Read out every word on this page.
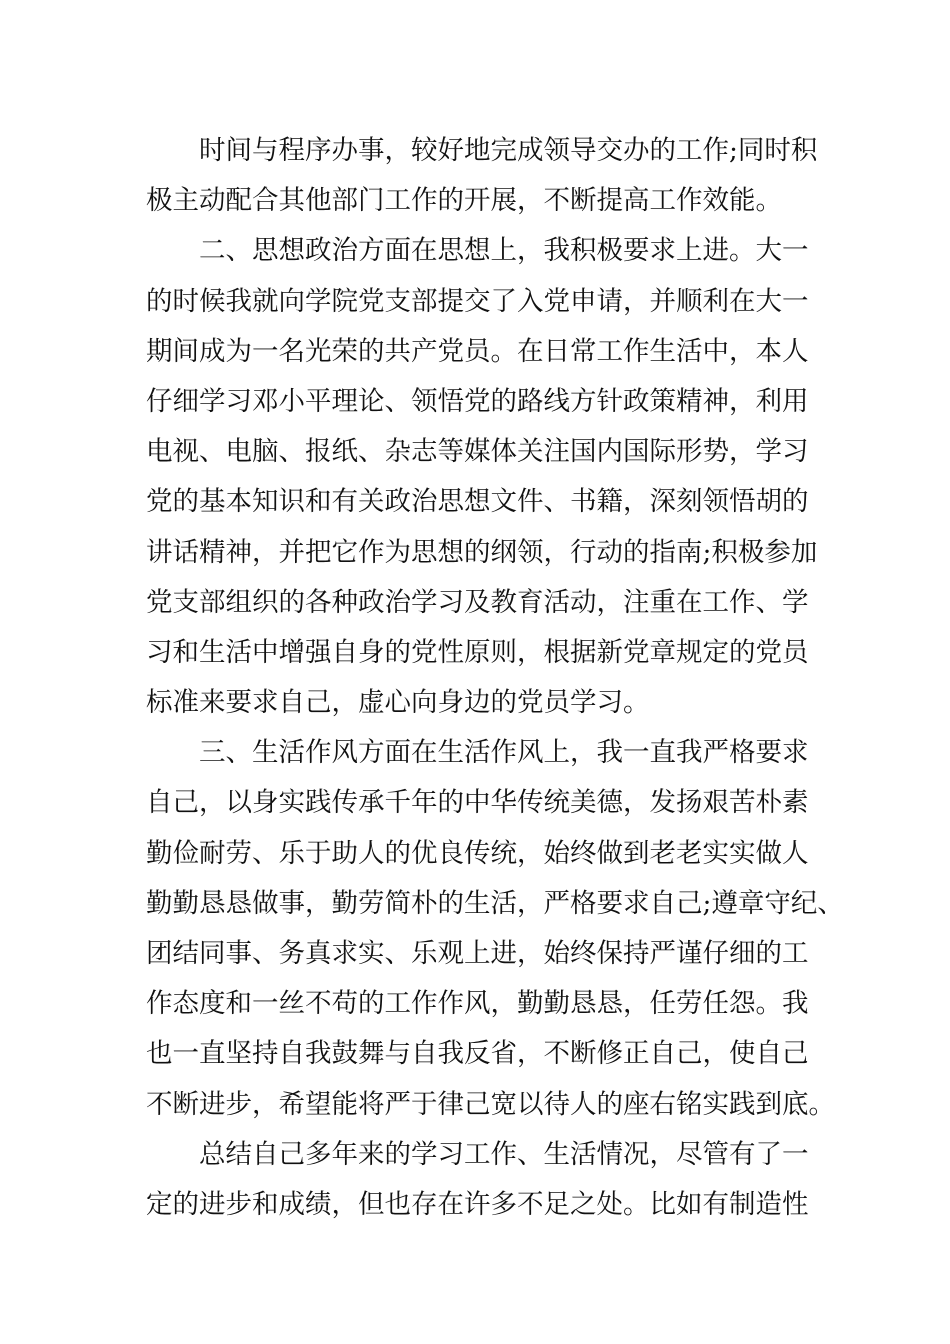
时间与程序办事，较好地完成领导交办的工作;同时积
极主动配合其他部门工作的开展，不断提高工作效能。
二、思想政治方面在思想上，我积极要求上进。大一
的时候我就向学院党支部提交了入党申请，并顺利在大一
期间成为一名光荣的共产党员。在日常工作生活中，本人
仔细学习邓小平理论、领悟党的路线方针政策精神，利用
电视、电脑、报纸、杂志等媒体关注国内国际形势，学习
党的基本知识和有关政治思想文件、书籍，深刻领悟胡的
讲话精神，并把它作为思想的纲领，行动的指南;积极参加
党支部组织的各种政治学习及教育活动，注重在工作、学
习和生活中增强自身的党性原则，根据新党章规定的党员
标准来要求自己，虚心向身边的党员学习。
三、生活作风方面在生活作风上，我一直我严格要求
自己，以身实践传承千年的中华传统美德，发扬艰苦朴素
勤俭耐劳、乐于助人的优良传统，始终做到老老实实做人
勤勤恳恳做事，勤劳简朴的生活，严格要求自己;遵章守纪、
团结同事、务真求实、乐观上进，始终保持严谨仔细的工
作态度和一丝不苟的工作作风，勤勤恳恳，任劳任怨。我
也一直坚持自我鼓舞与自我反省，不断修正自己，使自己
不断进步，希望能将严于律己宽以待人的座右铭实践到底。
总结自己多年来的学习工作、生活情况，尽管有了一
定的进步和成绩，但也存在许多不足之处。比如有制造性
